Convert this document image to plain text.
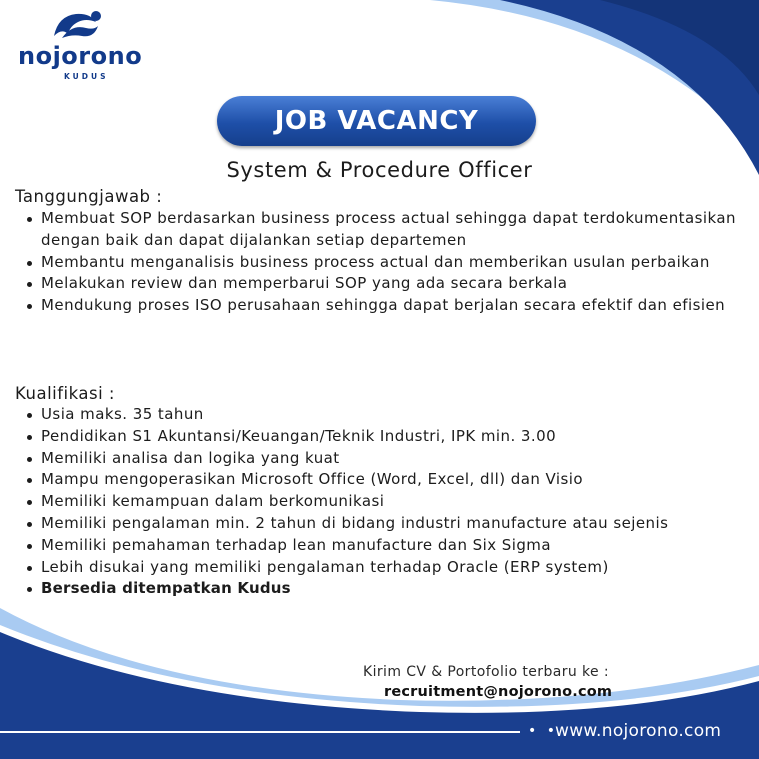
nojorono
KUDUS
JOB VACANCY
System & Procedure Officer
Tanggungjawab :
Membuat SOP berdasarkan business process actual sehingga dapat terdokumentasikan dengan baik dan dapat dijalankan setiap departemen
Membantu menganalisis business process actual dan memberikan usulan perbaikan
Melakukan review dan memperbarui SOP yang ada secara berkala
Mendukung proses ISO perusahaan sehingga dapat berjalan secara efektif dan efisien
Kualifikasi :
Usia maks. 35 tahun
Pendidikan S1 Akuntansi/Keuangan/Teknik Industri, IPK min. 3.00
Memiliki analisa dan logika yang kuat
Mampu mengoperasikan Microsoft Office (Word, Excel, dll) dan Visio
Memiliki kemampuan dalam berkomunikasi
Memiliki pengalaman min. 2 tahun di bidang industri manufacture atau sejenis
Memiliki pemahaman terhadap lean manufacture dan Six Sigma
Lebih disukai yang memiliki pengalaman terhadap Oracle (ERP system)
Bersedia ditempatkan Kudus
Kirim CV & Portofolio terbaru ke :
recruitment@nojorono.com
• •
www.nojorono.com
